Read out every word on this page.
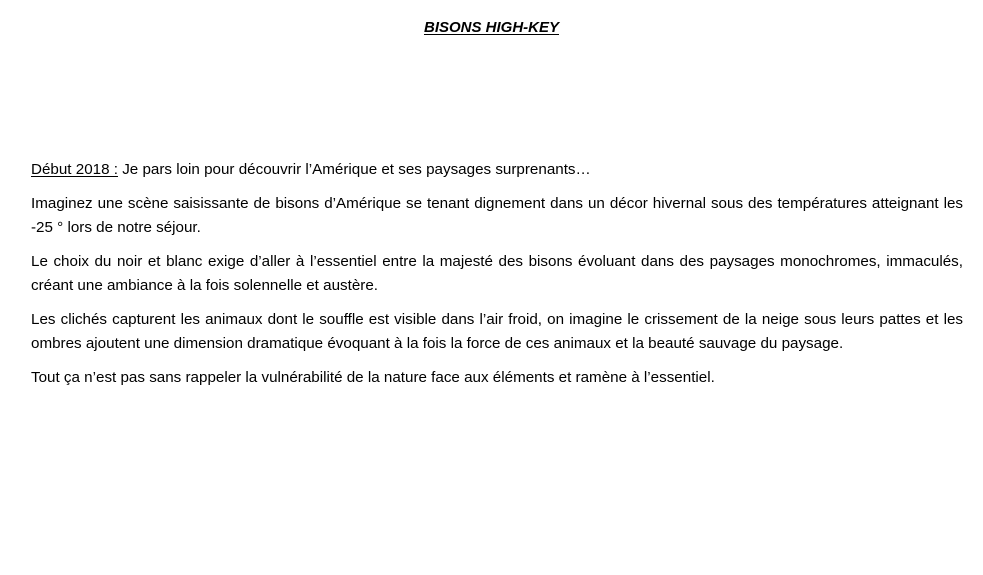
BISONS HIGH-KEY

Début 2018 : Je pars loin pour découvrir l’Amérique et ses paysages surprenants…

Imaginez une scène saisissante de bisons d’Amérique se tenant dignement dans un décor hivernal sous des températures atteignant les -25 ° lors de notre séjour.

Le choix du noir et blanc exige d’aller à l’essentiel entre la majesté des bisons évoluant dans des paysages monochromes, immaculés, créant une ambiance à la fois solennelle et austère.

Les clichés capturent les animaux dont le souffle est visible dans l’air froid, on imagine le crissement de la neige sous leurs pattes et les ombres ajoutent une dimension dramatique évoquant à la fois la force de ces animaux et la beauté sauvage du paysage.

Tout ça n’est pas sans rappeler la vulnérabilité de la nature face aux éléments et ramène à l’essentiel.
